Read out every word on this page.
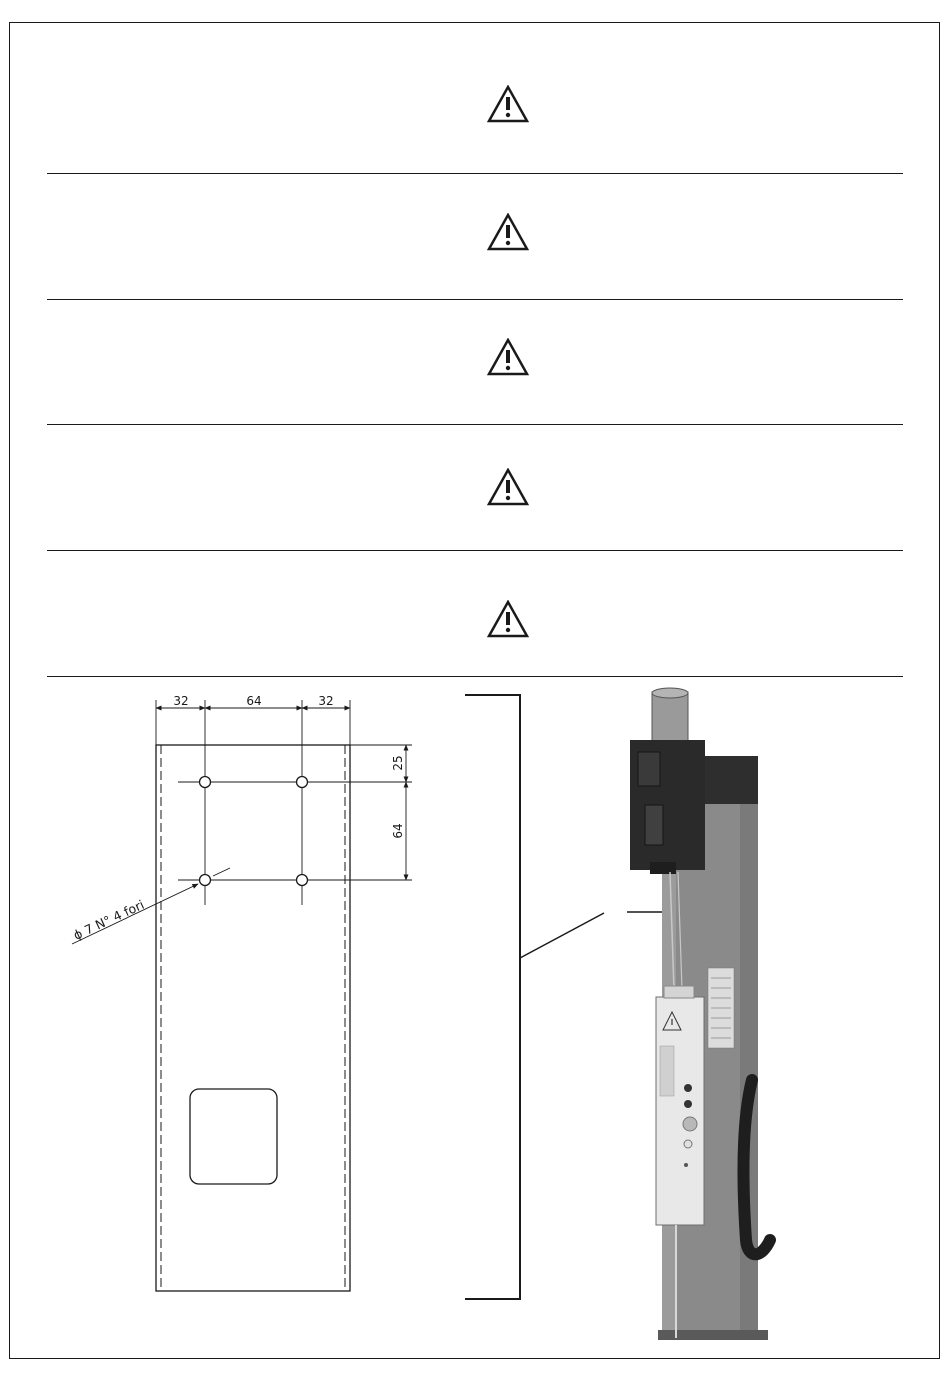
32	64	32
25
64
ϕ 7 N° 4 fori
